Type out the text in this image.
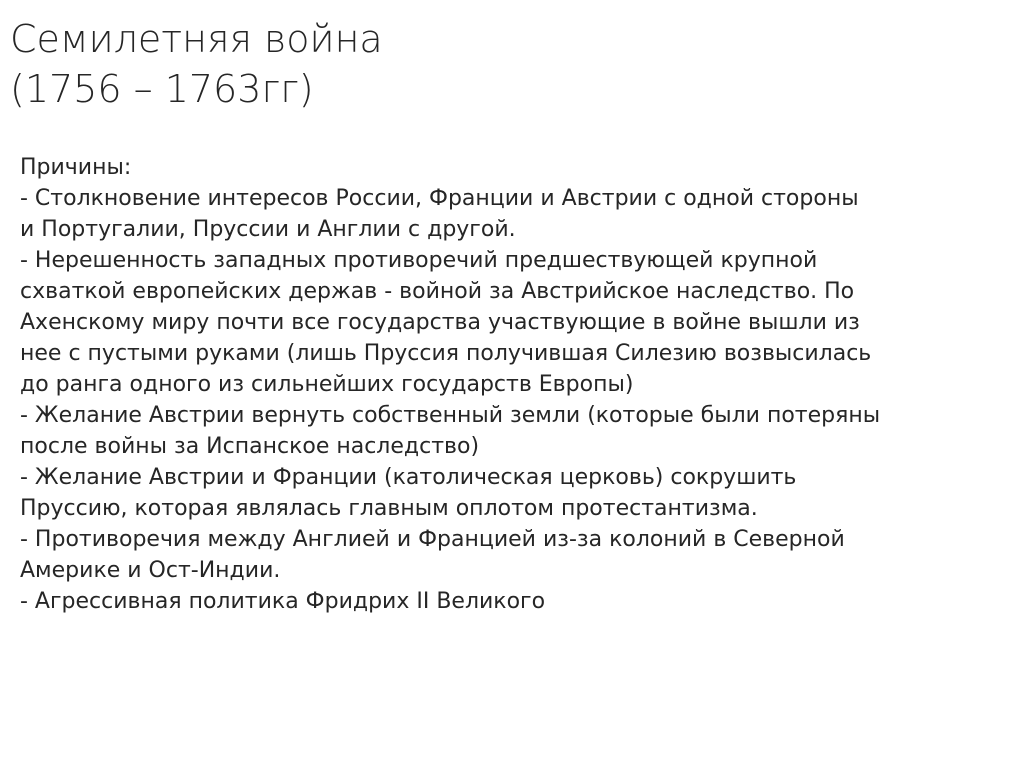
Семилетняя война
(1756 – 1763гг)
Причины:
- Столкновение интересов России, Франции и Австрии с одной стороны
и Португалии, Пруссии и Англии с другой.
- Нерешенность западных противоречий предшествующей крупной
схваткой европейских держав - войной за Австрийское наследство. По
Ахенскому миру почти все государства участвующие в войне вышли из
нее с пустыми руками (лишь Пруссия получившая Силезию возвысилась
до ранга одного из сильнейших государств Европы)
- Желание Австрии вернуть собственный земли (которые были потеряны
после войны за Испанское наследство)
- Желание Австрии и Франции (католическая церковь) сокрушить
Пруссию, которая являлась главным оплотом протестантизма.
- Противоречия между Англией и Францией из-за колоний в Северной
Америке и Ост-Индии.
- Агрессивная политика Фридрих II Великого
